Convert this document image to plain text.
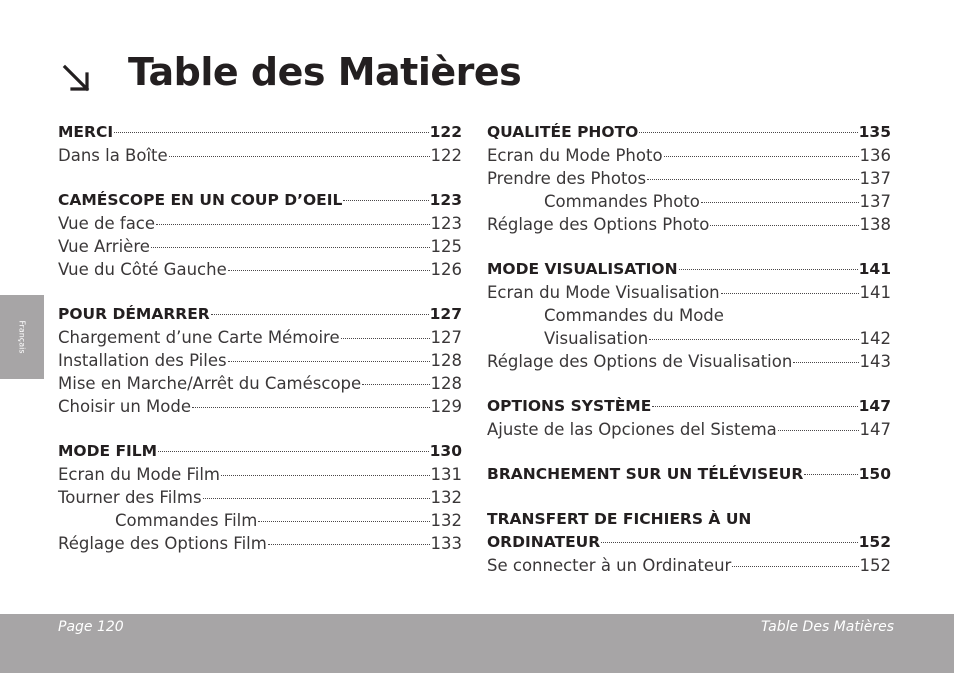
Table des Matières
MERCI	122
Dans la Boîte	122
CAMÉSCOPE EN UN COUP D’OEIL	123
Vue de face	123
Vue Arrière	125
Vue du Côté Gauche	126
POUR DÉMARRER	127
Chargement d’une Carte Mémoire	127
Installation des Piles	128
Mise en Marche/Arrêt du Caméscope	128
Choisir un Mode	129
MODE FILM	130
Ecran du Mode Film	131
Tourner des Films	132
Commandes Film	132
Réglage des Options Film	133
QUALITÉE PHOTO	135
Ecran du Mode Photo	136
Prendre des Photos	137
Commandes Photo	137
Réglage des Options Photo	138
MODE VISUALISATION	141
Ecran du Mode Visualisation	141
Commandes du Mode
Visualisation	142
Réglage des Options de Visualisation	143
OPTIONS SYSTÈME	147
Ajuste de las Opciones del Sistema	147
BRANCHEMENT SUR UN TÉLÉVISEUR	150
TRANSFERT DE FICHIERS À UN
ORDINATEUR	152
Se connecter à un Ordinateur	152
Français
Page 120	Table Des Matières
